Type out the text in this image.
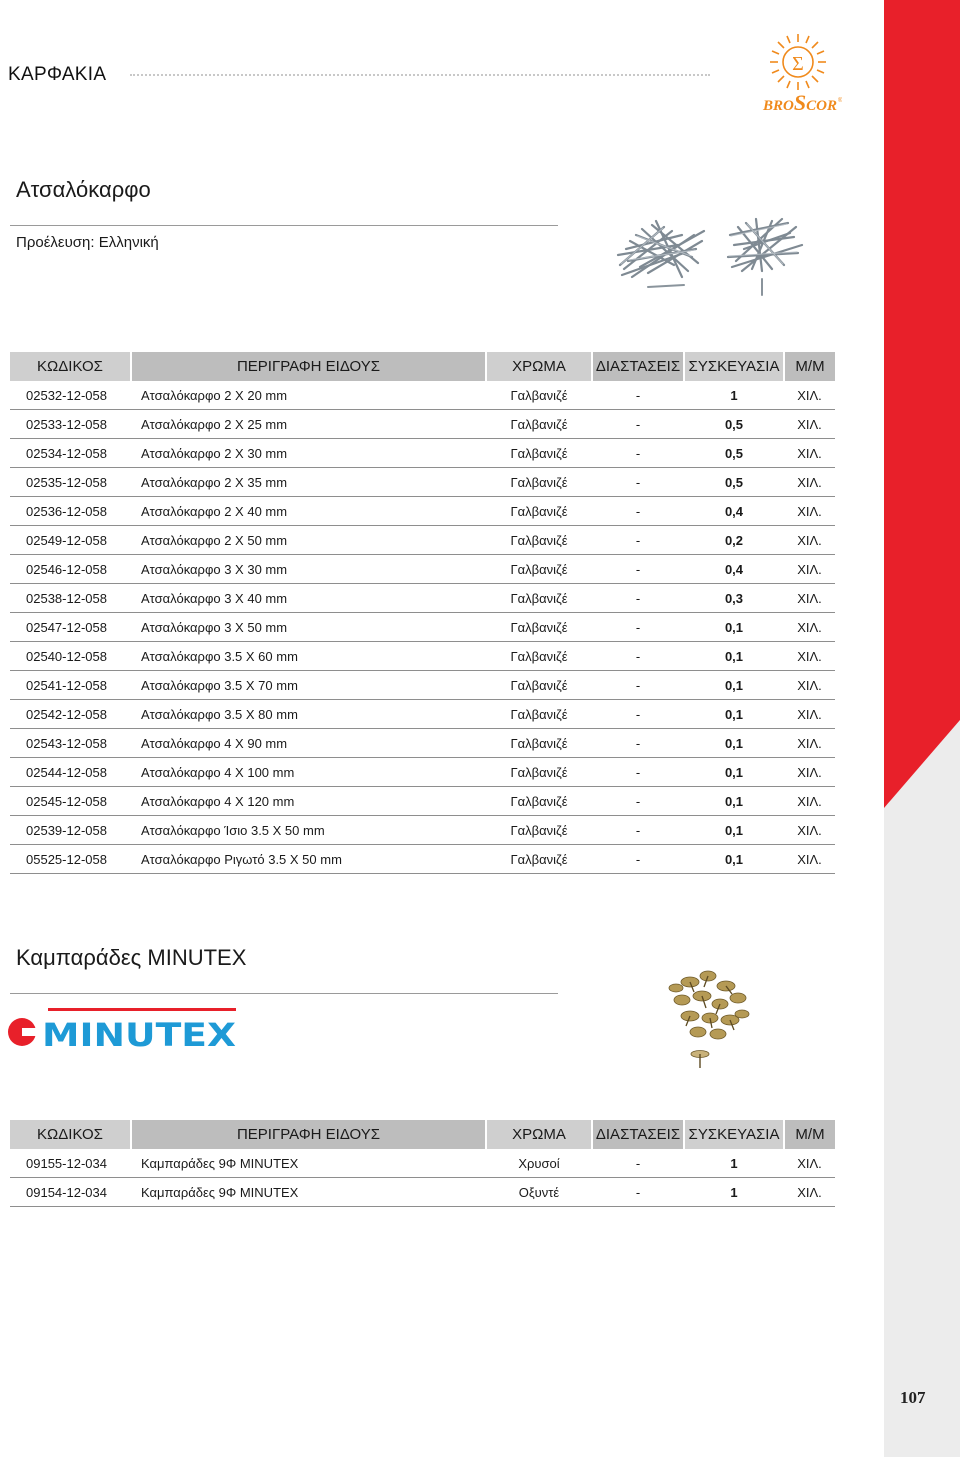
107
ΚΑΡΦΑΚΙΑ	Σ
BROSCOR ®
Ατσαλόκαρφο
Προέλευση: Ελληνική
ΚΩΔΙΚΟΣ	ΠΕΡΙΓΡΑΦΗ ΕΙΔΟΥΣ	ΧΡΩΜΑ	ΔΙΑΣΤΑΣΕΙΣ	ΣΥΣΚΕΥΑΣΙΑ	Μ/Μ
02532-12-058	Ατσαλόκαρφο 2 X 20 mm	Γαλβανιζέ	-	1	ΧΙΛ.
02533-12-058	Ατσαλόκαρφο 2 X 25 mm	Γαλβανιζέ	-	0,5	ΧΙΛ.
02534-12-058	Ατσαλόκαρφο 2 X 30 mm	Γαλβανιζέ	-	0,5	ΧΙΛ.
02535-12-058	Ατσαλόκαρφο 2 X 35 mm	Γαλβανιζέ	-	0,5	ΧΙΛ.
02536-12-058	Ατσαλόκαρφο 2 X 40 mm	Γαλβανιζέ	-	0,4	ΧΙΛ.
02549-12-058	Ατσαλόκαρφο 2 X 50 mm	Γαλβανιζέ	-	0,2	ΧΙΛ.
02546-12-058	Ατσαλόκαρφο 3 X 30 mm	Γαλβανιζέ	-	0,4	ΧΙΛ.
02538-12-058	Ατσαλόκαρφο 3 X 40 mm	Γαλβανιζέ	-	0,3	ΧΙΛ.
02547-12-058	Ατσαλόκαρφο 3 X 50 mm	Γαλβανιζέ	-	0,1	ΧΙΛ.
02540-12-058	Ατσαλόκαρφο 3.5 X 60 mm	Γαλβανιζέ	-	0,1	ΧΙΛ.
02541-12-058	Ατσαλόκαρφο 3.5 X 70 mm	Γαλβανιζέ	-	0,1	ΧΙΛ.
02542-12-058	Ατσαλόκαρφο 3.5 X 80 mm	Γαλβανιζέ	-	0,1	ΧΙΛ.
02543-12-058	Ατσαλόκαρφο 4 X 90 mm	Γαλβανιζέ	-	0,1	ΧΙΛ.
02544-12-058	Ατσαλόκαρφο 4 X 100 mm	Γαλβανιζέ	-	0,1	ΧΙΛ.
02545-12-058	Ατσαλόκαρφο 4 X 120 mm	Γαλβανιζέ	-	0,1	ΧΙΛ.
02539-12-058	Ατσαλόκαρφο Ίσιο 3.5 X 50 mm	Γαλβανιζέ	-	0,1	ΧΙΛ.
05525-12-058	Ατσαλόκαρφο Ριγωτό 3.5 X 50 mm	Γαλβανιζέ	-	0,1	ΧΙΛ.
Καμπαράδες MINUTEX
MINUTEX
ΚΩΔΙΚΟΣ	ΠΕΡΙΓΡΑΦΗ ΕΙΔΟΥΣ	ΧΡΩΜΑ	ΔΙΑΣΤΑΣΕΙΣ	ΣΥΣΚΕΥΑΣΙΑ	Μ/Μ
09155-12-034	Καμπαράδες 9Φ MINUTEX	Χρυσοί	-	1	ΧΙΛ.
09154-12-034	Καμπαράδες 9Φ MINUTEX	Οξυντέ	-	1	ΧΙΛ.
